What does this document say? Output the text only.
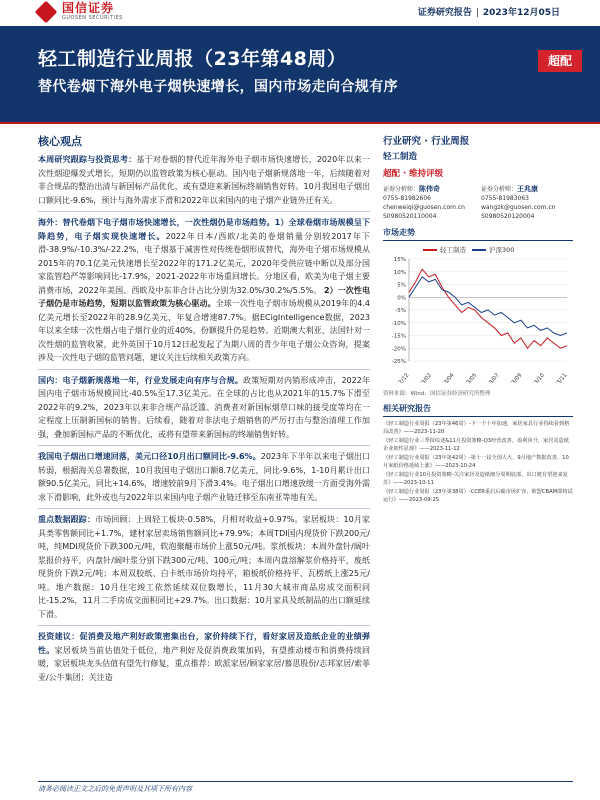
国信证券
GUOSEN SECURITIES	证券研究报告 | 2023年12月05日
轻工制造行业周报（23年第48周）
替代卷烟下海外电子烟快速增长，国内市场走向合规有序
超配
核心观点
本周研究跟踪与投资思考：基于对卷烟的替代近年海外电子烟市场快速增长，2020年以来一次性烟迎爆发式增长，短期仍以监管政策为核心驱动。国内电子烟新规落地一年，后续随着对非合规品的整治出清与新国标产品优化，或有望迎来新国标终端销售好转。10月我国电子烟出口额同比-9.6%，预计与海外需求下滑和2022年以来国内的电子烟产业链外迁有关。
海外：替代卷烟下电子烟市场快速增长，一次性烟仍是市场趋势。1）全球卷烟市场规模呈下降趋势，电子烟实现快速增长。2022年日本/西欧/北美的卷烟销量分别较2017年下滑-38.9%/-10.3%/-22.2%，电子烟基于减害性对传统卷烟形成替代，海外电子烟市场规模从2015年的70.1亿美元快速增长至2022年的171.2亿美元，2020年受供应链中断以及部分国家监管趋严等影响同比-17.9%，2021-2022年市场重回增长。分地区看，欧美为电子烟主要消费市场，2022年美国、西欧及中东非合计占比分别为32.0%/30.2%/5.5%。 2）一次性电子烟仍是市场趋势，短期以监管政策为核心驱动。全球一次性电子烟市场规模从2019年的4.4亿美元增长至2022年的28.9亿美元，年复合增速87.7%。据ECigIntelligence数据，2023年以来全球一次性烟占电子烟行业的近40%，份额提升仍是趋势。近期澳大利亚、法国针对一次性烟的监管收紧，此外英国于10月12日起发起了为期八周的青少年电子烟公众咨询，提案涉及一次性电子烟的监管问题，建议关注后续相关政策方向。
国内：电子烟新规落地一年，行业发展走向有序与合规。政策短期对内销形成冲击，2022年国内电子烟市场规模同比-40.5%至17.3亿美元。在全球的占比也从2021年的15.7%下滑至2022年的9.2%，2023年以来非合规产品泛滥、消费者对新国标烟草口味的接受度等均在一定程度上压制新国标的销售。后续看，随着对非法电子烟销售的严厉打击与整治清理工作加强，叠加新国标产品的不断优化，或将有望带来新国标的终端销售好转。
我国电子烟出口增速回落，美元口径10月出口额同比-9.6%。2023年下半年以来电子烟出口转弱，根据海关总署数据，10月我国电子烟出口额8.7亿美元，同比-9.6%，1-10月累计出口额90.5亿美元，同比+14.6%，增速较前9月下滑3.4%。电子烟出口增速放缓一方面受海外需求下滑影响，此外或也与2022年以来国内电子烟产业链迁移至东南亚等地有关。
重点数据跟踪：市场回顾：上周轻工板块-0.58%，月相对收益+0.97%。家居板块：10月家具类零售额同比+1.7%，建材家居卖场销售额同比+79.9%；本周TDI国内现货价下跌200元/吨，纯MDI现货价下跌300元/吨，软泡聚醚市场价上涨50元/吨。浆纸板块：本周外盘针/阔叶浆报价持平，内盘针/阔叶浆分别下跌300元/吨、100元/吨；本周内盘溶解浆价格持平，废纸现货价下跌2元/吨；本周双胶纸、白卡纸市场价均持平，箱板纸价格持平、瓦楞纸上涨25元/吨。地产数据：10月住宅竣工依然延续双位数增长，11月30大城市商品房成交面积同比-15.2%，11月二手房成交面积同比+29.7%。出口数据：10月家具及纸制品的出口额延续下滑。
投资建议：促消费及地产利好政策密集出台，家价持续下行，看好家居及造纸企业的业绩弹性。家居板块当前估值处于低位，地产利好及促消费政策加码，有望推动楼市和消费持续回暖，家居板块龙头估值有望先行修复，重点推荐：欧派家居/顾家家居/慕思股份/志邦家居/索菲亚/公牛集团；关注造
行业研究 · 行业周报
轻工制造
超配 · 维持评级
证券分析师：陈伟奇
0755-81982606
chenweiqi@guosen.com.cn
S0980520110004
证券分析师：王兆康
0755-81983063
wangzk@guosen.com.cn
S0980520120004
市场走势
轻工制造	沪深300
15%
10%
5%
0%
-5%
-10%
-15%
-20%
-25%
22/12 23/02 23/04 23/05 23/07 23/09 23/10 23/11
资料来源：Wind、国信证券经济研究所整理
相关研究报告
《轻工制造行业周报（23年第46周）-下一个十年加速，家居家具行业持续看到格局改善》——2023-11-20
《轻工制造行业三季报综述&11月投资策略-Q3经营改善，盈利回升，家居及造纸企业韧性显现》——2023-11-12
《轻工制造行业周报（23年第42周）-第十一届全国人大，9月地产数据改善、10月家纸价格延续上涨》——2023-10-24
《轻工制造行业10月投资策略-关注家居及造纸细分周期底部，出口链有望迎来复苏》——2023-10-11
《轻工制造行业周报（23年第38周）-CCER重启后碳市场扩容，欧盟CBAM即将试运行》——2023-09-25
请务必阅读正文之后的免责声明及其项下所有内容
